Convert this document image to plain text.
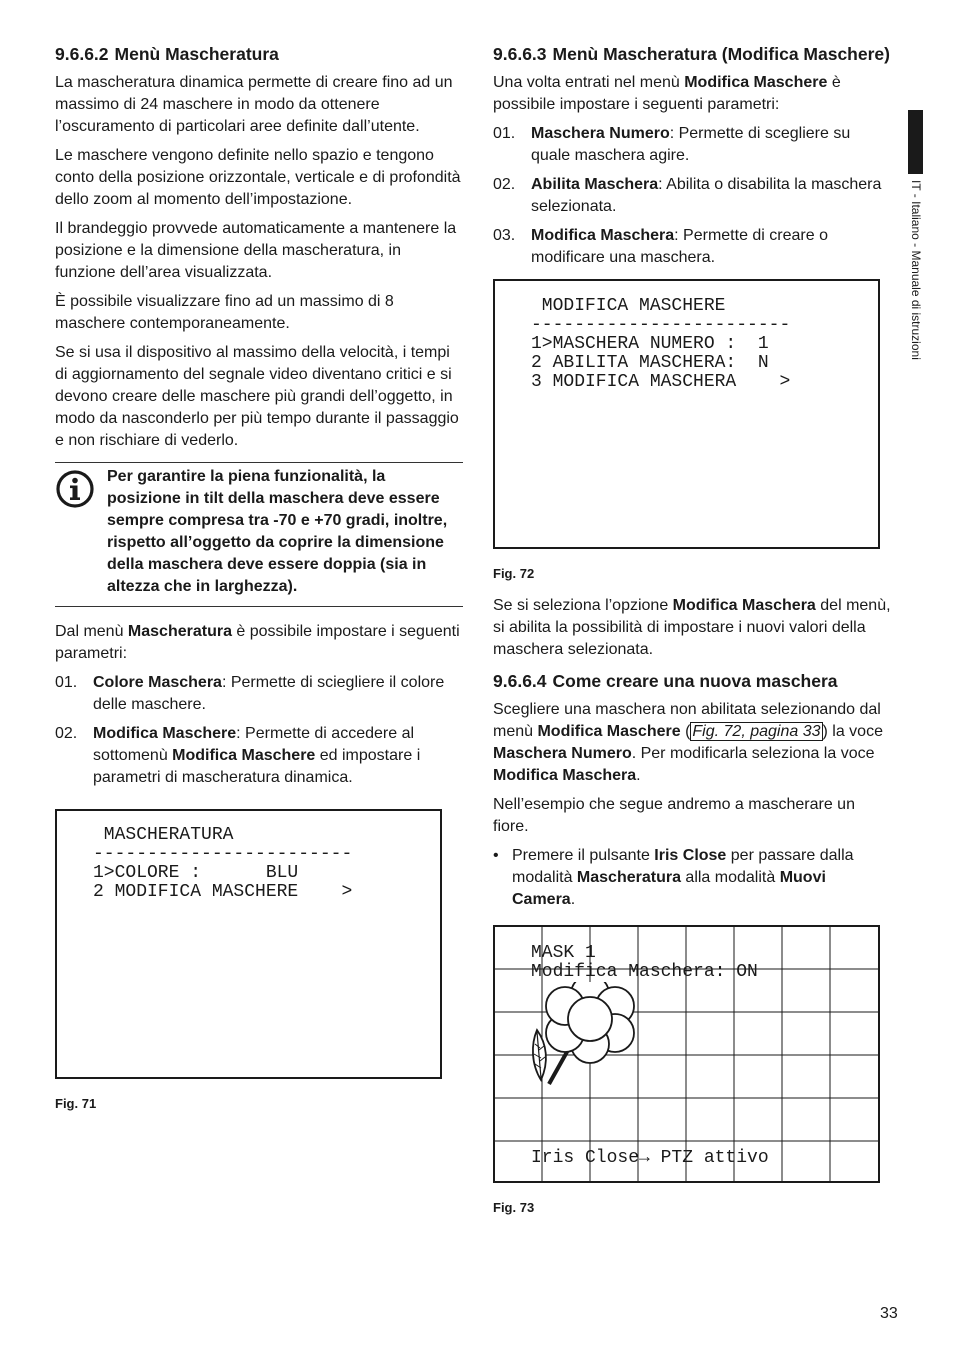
9.6.6.2 Menù Mascheratura

La mascheratura dinamica permette di creare fino ad un massimo di 24 maschere in modo da ottenere l’oscuramento di particolari aree definite dall’utente.

Le maschere vengono definite nello spazio e tengono conto della posizione orizzontale, verticale e di profondità dello zoom al momento dell’impostazione.

Il brandeggio provvede automaticamente a mantenere la posizione e la dimensione della mascheratura, in funzione dell’area visualizzata.

È possibile visualizzare fino ad un massimo di 8 maschere contemporaneamente.

Se si usa il dispositivo al massimo della velocità, i tempi di aggiornamento del segnale video diventano critici e si devono creare delle maschere più grandi dell’oggetto, in modo da nasconderlo per più tempo durante il passaggio e non rischiare di vederlo.

Per garantire la piena funzionalità, la posizione in tilt della maschera deve essere sempre compresa tra -70 e +70 gradi, inoltre, rispetto all’oggetto da coprire la dimensione della maschera deve essere doppia (sia in altezza che in larghezza).

Dal menù Mascheratura è possibile impostare i seguenti parametri:

01. Colore Maschera: Permette di sciegliere il colore delle maschere.
02. Modifica Maschere: Permette di accedere al sottomenù Modifica Maschere ed impostare i parametri di mascheratura dinamica.

MASCHERATURA

------------------------

1>COLORE :      BLU

2 MODIFICA MASCHERE    >

Fig. 71
9.6.6.3 Menù Mascheratura (Modifica Maschere)

Una volta entrati nel menù Modifica Maschere è possibile impostare i seguenti parametri:

01. Maschera Numero: Permette di scegliere su quale maschera agire.
02. Abilita Maschera: Abilita o disabilita la maschera selezionata.
03. Modifica Maschera: Permette di creare o modificare una maschera.

MODIFICA MASCHERE

------------------------

1>MASCHERA NUMERO :  1

2 ABILITA MASCHERA:  N

3 MODIFICA MASCHERA    >

Fig. 72

Se si seleziona l’opzione Modifica Maschera del menù, si abilita la possibilità di impostare i nuovi valori della maschera selezionata.

9.6.6.4 Come creare una nuova maschera

Scegliere una maschera non abilitata selezionando dal menù Modifica Maschere ( Fig. 72, pagina 33 ) la voce Maschera Numero. Per modificarla seleziona la voce Modifica Maschera.

Nell’esempio che segue andremo a mascherare un fiore.

• Premere il pulsante Iris Close per passare dalla modalità Mascheratura alla modalità Muovi Camera.

MASK 1

Modifica Maschera: ON

Iris Close→ PTZ attivo

Fig. 73
IT - Italiano - Manuale di istruzioni
33
